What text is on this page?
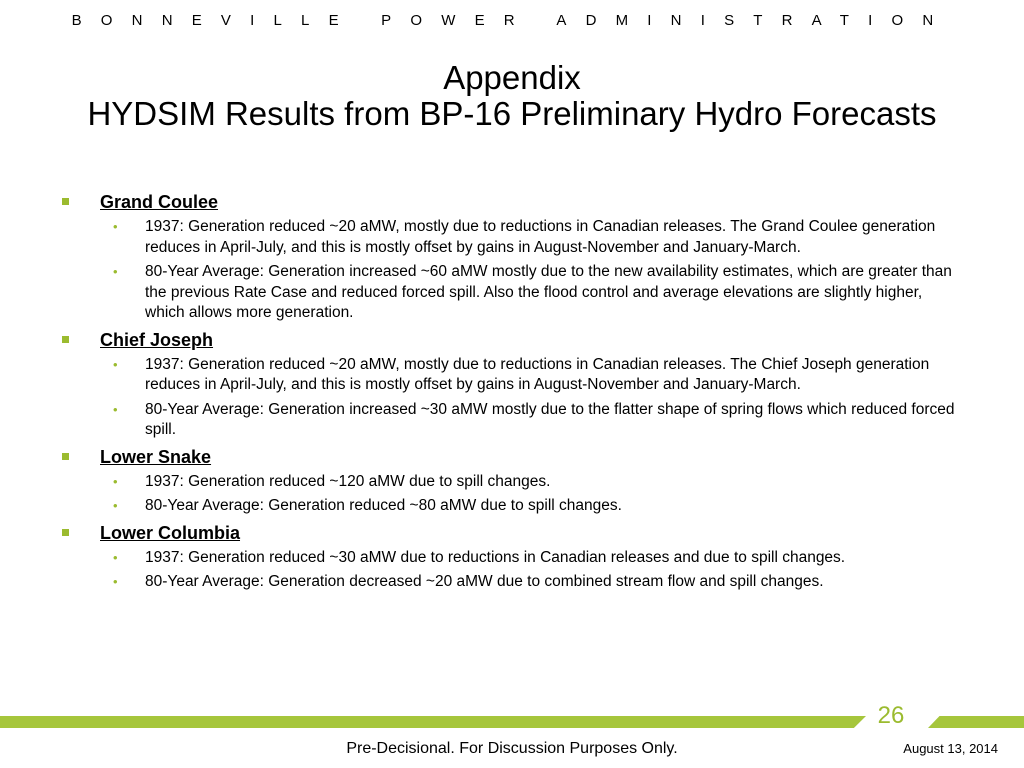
BONNEVILLE POWER ADMINISTRATION
Appendix
HYDSIM Results from BP-16 Preliminary Hydro Forecasts
Grand Coulee
• 1937: Generation reduced ~20 aMW, mostly due to reductions in Canadian releases. The Grand Coulee generation reduces in April-July, and this is mostly offset by gains in August-November and January-March.
• 80-Year Average: Generation increased ~60 aMW mostly due to the new availability estimates, which are greater than the previous Rate Case and reduced forced spill. Also the flood control and average elevations are slightly higher, which allows more generation.
Chief Joseph
• 1937: Generation reduced ~20 aMW, mostly due to reductions in Canadian releases. The Chief Joseph generation reduces in April-July, and this is mostly offset by gains in August-November and January-March.
• 80-Year Average: Generation increased ~30 aMW mostly due to the flatter shape of spring flows which reduced forced spill.
Lower Snake
• 1937: Generation reduced ~120 aMW due to spill changes.
• 80-Year Average: Generation reduced ~80 aMW due to spill changes.
Lower Columbia
• 1937: Generation reduced ~30 aMW due to reductions in Canadian releases and due to spill changes.
• 80-Year Average: Generation decreased ~20 aMW due to combined stream flow and spill changes.
26
Pre-Decisional. For Discussion Purposes Only.	August 13, 2014
